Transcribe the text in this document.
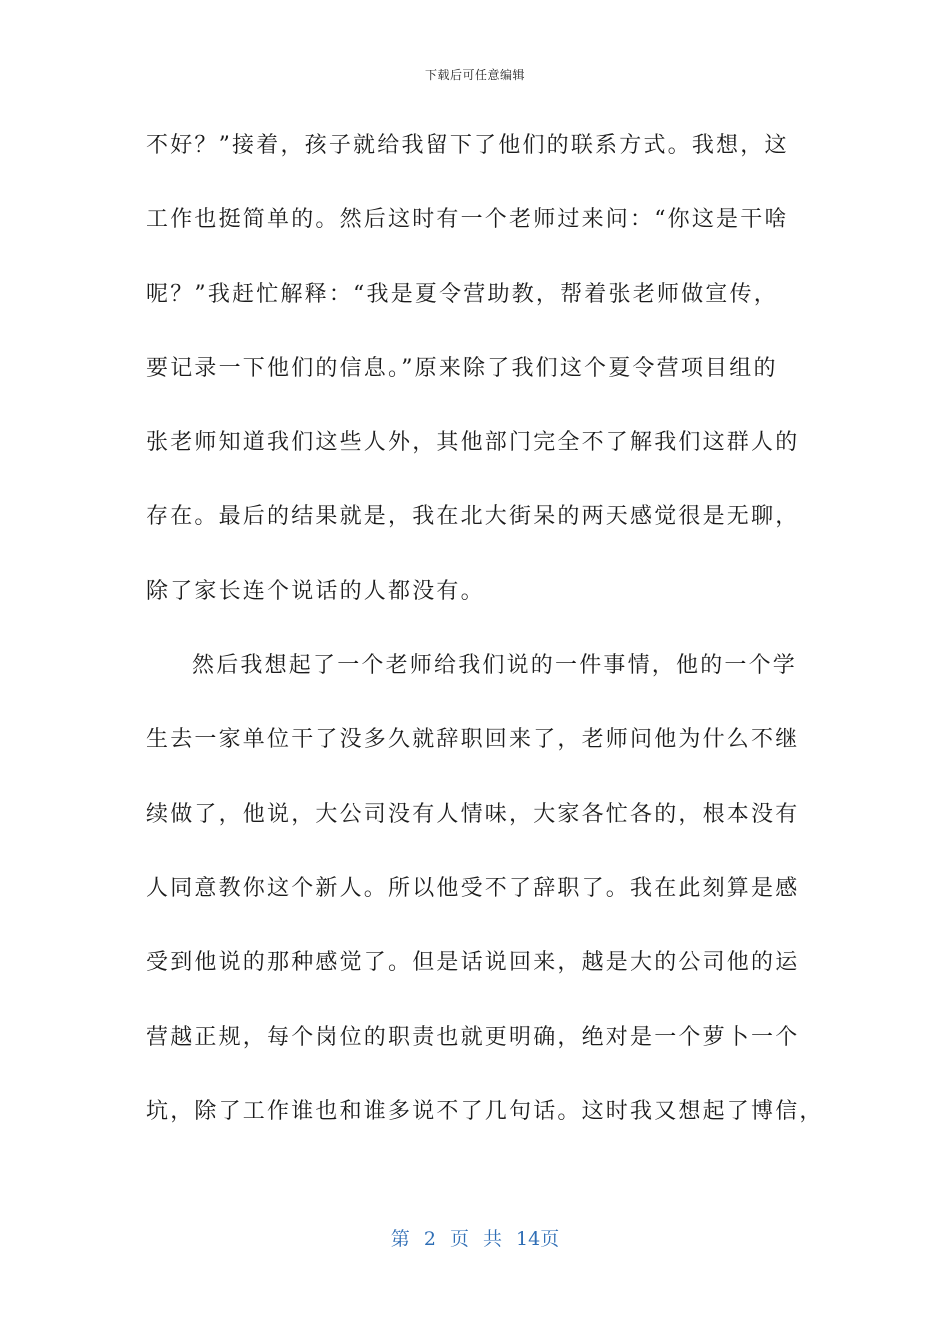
下载后可任意编辑
不好？”接着，孩子就给我留下了他们的联系方式。我想，这
工作也挺简单的。然后这时有一个老师过来问：“你这是干啥
呢？”我赶忙解释：“我是夏令营助教，帮着张老师做宣传，
要记录一下他们的信息。”原来除了我们这个夏令营项目组的
张老师知道我们这些人外，其他部门完全不了解我们这群人的
存在。最后的结果就是，我在北大街呆的两天感觉很是无聊，
除了家长连个说话的人都没有。
然后我想起了一个老师给我们说的一件事情，他的一个学
生去一家单位干了没多久就辞职回来了，老师问他为什么不继
续做了，他说，大公司没有人情味，大家各忙各的，根本没有
人同意教你这个新人。所以他受不了辞职了。我在此刻算是感
受到他说的那种感觉了。但是话说回来，越是大的公司他的运
营越正规，每个岗位的职责也就更明确，绝对是一个萝卜一个
坑，除了工作谁也和谁多说不了几句话。这时我又想起了博信，
第 2 页 共 14页
